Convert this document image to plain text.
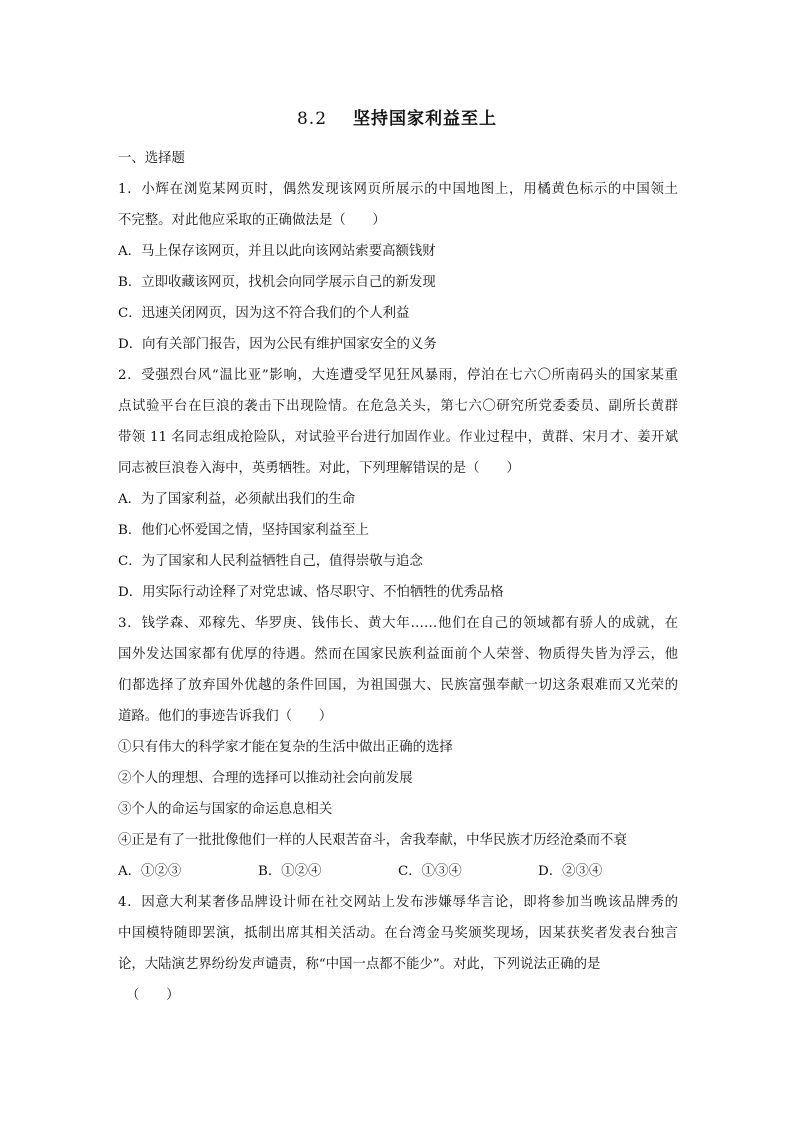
8.2 坚持国家利益至上
一、选择题
1．小辉在浏览某网页时，偶然发现该网页所展示的中国地图上，用橘黄色标示的中国领土
不完整。对此他应采取的正确做法是（　　）
A．马上保存该网页，并且以此向该网站索要高额钱财
B．立即收藏该网页，找机会向同学展示自己的新发现
C．迅速关闭网页，因为这不符合我们的个人利益
D．向有关部门报告，因为公民有维护国家安全的义务
2．受强烈台风“温比亚”影响，大连遭受罕见狂风暴雨，停泊在七六〇所南码头的国家某重
点试验平台在巨浪的袭击下出现险情。在危急关头，第七六〇研究所党委委员、副所长黄群
带领 11 名同志组成抢险队，对试验平台进行加固作业。作业过程中，黄群、宋月才、姜开斌
同志被巨浪卷入海中，英勇牺牲。对此，下列理解错误的是（　　）
A．为了国家利益，必须献出我们的生命
B．他们心怀爱国之情，坚持国家利益至上
C．为了国家和人民利益牺牲自己，值得崇敬与追念
D．用实际行动诠释了对党忠诚、恪尽职守、不怕牺牲的优秀品格
3．钱学森、邓稼先、华罗庚、钱伟长、黄大年……他们在自己的领域都有骄人的成就，在
国外发达国家都有优厚的待遇。然而在国家民族利益面前个人荣誉、物质得失皆为浮云，他
们都选择了放弃国外优越的条件回国，为祖国强大、民族富强奉献一切这条艰难而又光荣的
道路。他们的事迹告诉我们（　　）
①只有伟大的科学家才能在复杂的生活中做出正确的选择
②个人的理想、合理的选择可以推动社会向前发展
③个人的命运与国家的命运息息相关
④正是有了一批批像他们一样的人民艰苦奋斗，舍我奉献，中华民族才历经沧桑而不衰
A．①②③	B．①②④	C．①③④	D．②③④
4．因意大利某奢侈品牌设计师在社交网站上发布涉嫌辱华言论，即将参加当晚该品牌秀的
中国模特随即罢演，抵制出席其相关活动。在台湾金马奖颁奖现场，因某获奖者发表台独言
论，大陆演艺界纷纷发声谴责，称“中国一点都不能少”。对此，下列说法正确的是
（　　）
